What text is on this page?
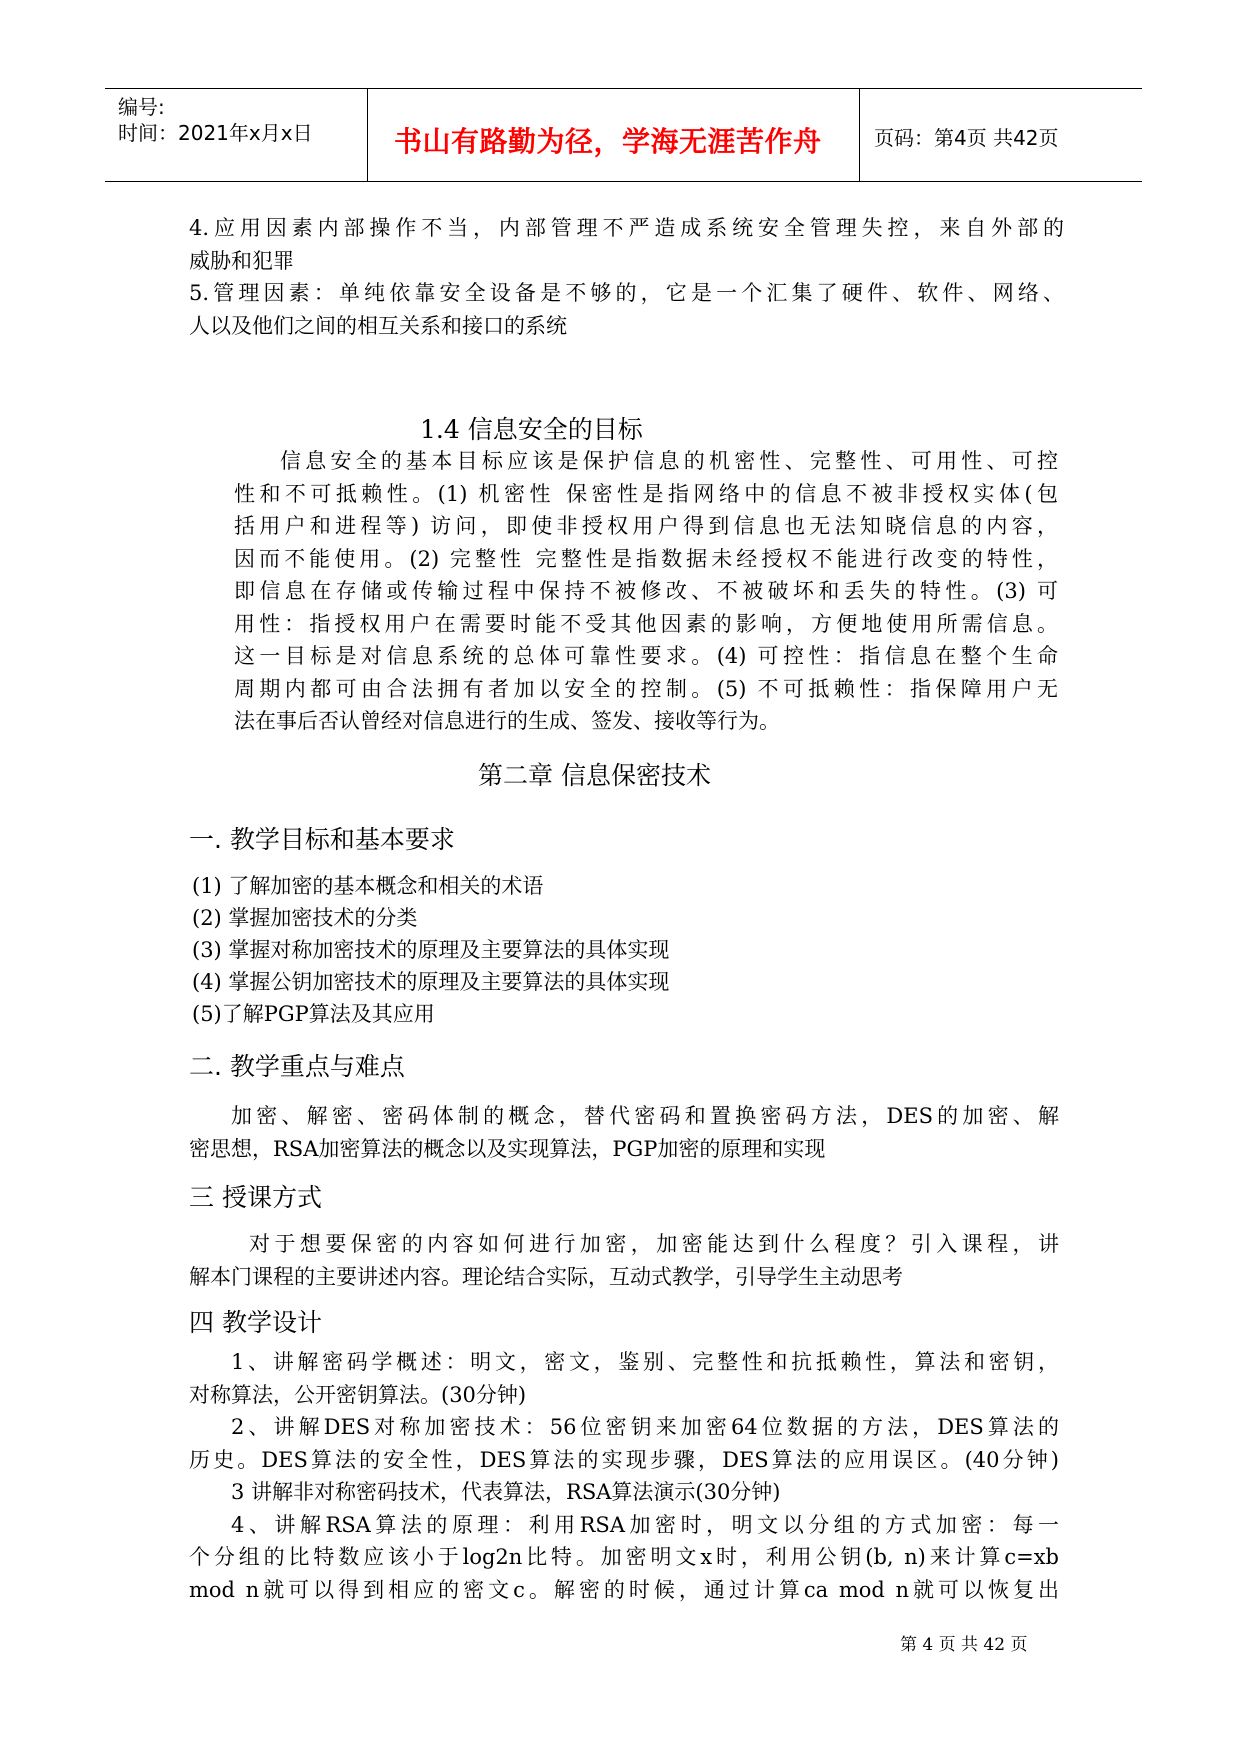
编号:
时间：2021年x月x日	书山有路勤为径，学海无涯苦作舟	页码：第4页 共42页
4.应用因素内部操作不当，内部管理不严造成系统安全管理失控，来自外部的
威胁和犯罪
5.管理因素：单纯依靠安全设备是不够的，它是一个汇集了硬件、软件、网络、
人以及他们之间的相互关系和接口的系统
1.4 信息安全的目标
信息安全的基本目标应该是保护信息的机密性、完整性、可用性、可控
性和不可抵赖性。(1) 机密性 保密性是指网络中的信息不被非授权实体(包
括用户和进程等) 访问，即使非授权用户得到信息也无法知晓信息的内容，
因而不能使用。(2) 完整性 完整性是指数据未经授权不能进行改变的特性，
即信息在存储或传输过程中保持不被修改、不被破坏和丢失的特性。(3) 可
用性：指授权用户在需要时能不受其他因素的影响，方便地使用所需信息。
这一目标是对信息系统的总体可靠性要求。(4) 可控性：指信息在整个生命
周期内都可由合法拥有者加以安全的控制。(5) 不可抵赖性：指保障用户无
法在事后否认曾经对信息进行的生成、签发、接收等行为。
第二章 信息保密技术
一. 教学目标和基本要求
(1) 了解加密的基本概念和相关的术语
(2) 掌握加密技术的分类
(3) 掌握对称加密技术的原理及主要算法的具体实现
(4) 掌握公钥加密技术的原理及主要算法的具体实现
(5)了解PGP算法及其应用
二. 教学重点与难点
加密、解密、密码体制的概念，替代密码和置换密码方法，DES的加密、解
密思想，RSA加密算法的概念以及实现算法，PGP加密的原理和实现
三 授课方式
对于想要保密的内容如何进行加密，加密能达到什么程度？引入课程，讲
解本门课程的主要讲述内容。理论结合实际，互动式教学，引导学生主动思考
四 教学设计
1、讲解密码学概述：明文，密文，鉴别、完整性和抗抵赖性，算法和密钥，
对称算法，公开密钥算法。(30分钟)
2、讲解DES对称加密技术：56位密钥来加密64位数据的方法，DES算法的
历史。DES算法的安全性，DES算法的实现步骤，DES算法的应用误区。(40分钟)
3 讲解非对称密码技术，代表算法，RSA算法演示(30分钟)
4、讲解RSA算法的原理：利用RSA加密时，明文以分组的方式加密：每一
个分组的比特数应该小于log2n比特。加密明文x时，利用公钥(b, n)来计算c=xb
mod n就可以得到相应的密文c。解密的时候，通过计算ca mod n就可以恢复出
第 4 页 共 42 页
